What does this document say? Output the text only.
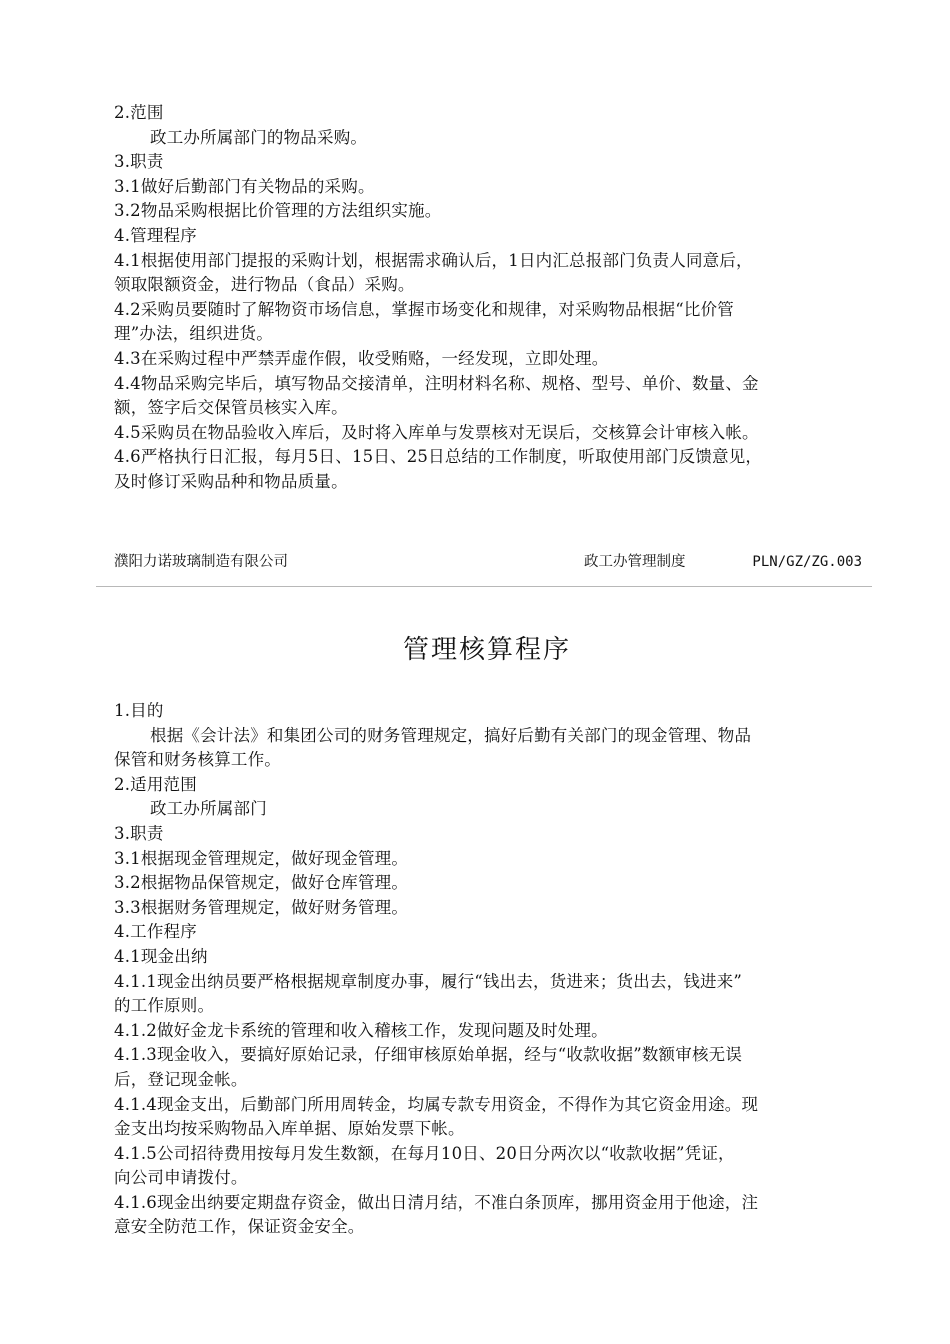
2.范围
政工办所属部门的物品采购。
3.职责
3.1做好后勤部门有关物品的采购。
3.2物品采购根据比价管理的方法组织实施。
4.管理程序
4.1根据使用部门提报的采购计划，根据需求确认后，1日内汇总报部门负责人同意后，
领取限额资金，进行物品（食品）采购。
4.2采购员要随时了解物资市场信息，掌握市场变化和规律，对采购物品根据“比价管
理”办法，组织进货。
4.3在采购过程中严禁弄虚作假，收受贿赂，一经发现，立即处理。
4.4物品采购完毕后，填写物品交接清单，注明材料名称、规格、型号、单价、数量、金
额，签字后交保管员核实入库。
4.5采购员在物品验收入库后，及时将入库单与发票核对无误后，交核算会计审核入帐。
4.6严格执行日汇报，每月5日、15日、25日总结的工作制度，听取使用部门反馈意见，
及时修订采购品种和物品质量。
濮阳力诺玻璃制造有限公司	政工办管理制度	PLN/GZ/ZG.003
管理核算程序
1.目的
根据《会计法》和集团公司的财务管理规定，搞好后勤有关部门的现金管理、物品
保管和财务核算工作。
2.适用范围
政工办所属部门
3.职责
3.1根据现金管理规定，做好现金管理。
3.2根据物品保管规定，做好仓库管理。
3.3根据财务管理规定，做好财务管理。
4.工作程序
4.1现金出纳
4.1.1现金出纳员要严格根据规章制度办事，履行“钱出去，货进来；货出去，钱进来”
的工作原则。
4.1.2做好金龙卡系统的管理和收入稽核工作，发现问题及时处理。
4.1.3现金收入，要搞好原始记录，仔细审核原始单据，经与“收款收据”数额审核无误
后，登记现金帐。
4.1.4现金支出，后勤部门所用周转金，均属专款专用资金，不得作为其它资金用途。现
金支出均按采购物品入库单据、原始发票下帐。
4.1.5公司招待费用按每月发生数额，在每月10日、20日分两次以“收款收据”凭证，
向公司申请拨付。
4.1.6现金出纳要定期盘存资金，做出日清月结，不准白条顶库，挪用资金用于他途，注
意安全防范工作，保证资金安全。
